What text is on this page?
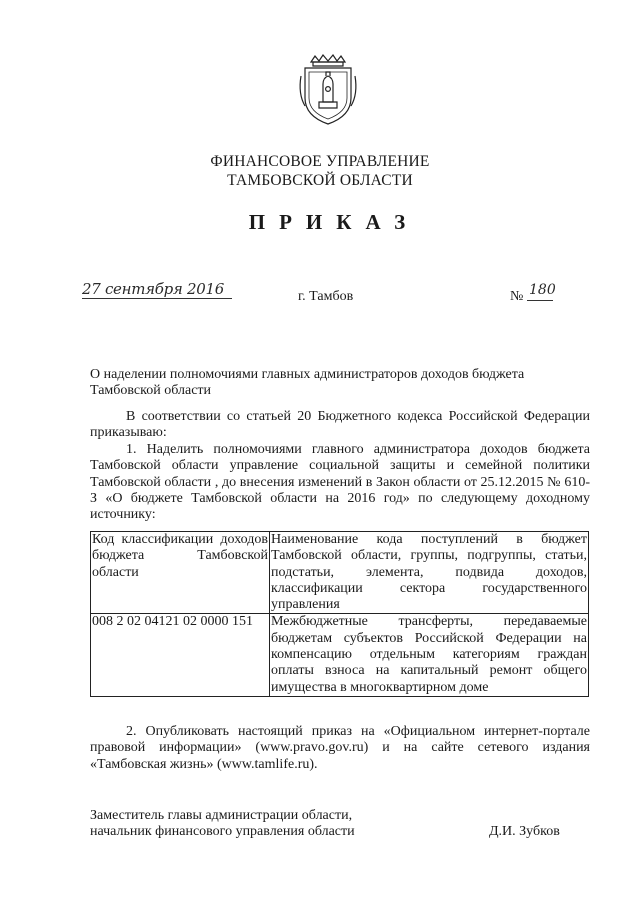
ФИНАНСОВОЕ УПРАВЛЕНИЕ
ТАМБОВСКОЙ ОБЛАСТИ
ПРИКАЗ
27 сентября 2016	г. Тамбов	№ 180
О наделении полномочиями главных администраторов доходов бюджета
Тамбовской области
В соответствии со статьей 20 Бюджетного кодекса Российской Федерации приказываю:
1. Наделить полномочиями главного администратора доходов бюджета Тамбовской области управление социальной защиты и семейной политики Тамбовской области , до внесения изменений в Закон области от 25.12.2015 № 610-З «О бюджете Тамбовской области на 2016 год» по следующему доходному источнику:
Код классификации доходов бюджета Тамбовской области	Наименование кода поступлений в бюджет Тамбовской области, группы, подгруппы, статьи, подстатьи, элемента, подвида доходов, классификации сектора государственного управления
008 2 02 04121 02 0000 151	Межбюджетные трансферты, передаваемые бюджетам субъектов Российской Федерации на компенсацию отдельным категориям граждан оплаты взноса на капитальный ремонт общего имущества в многоквартирном доме
2. Опубликовать настоящий приказ на «Официальном интернет-портале правовой информации» (www.pravo.gov.ru) и на сайте сетевого издания «Тамбовская жизнь» (www.tamlife.ru).
Заместитель главы администрации области,
начальник финансового управления области	Д.И. Зубков
